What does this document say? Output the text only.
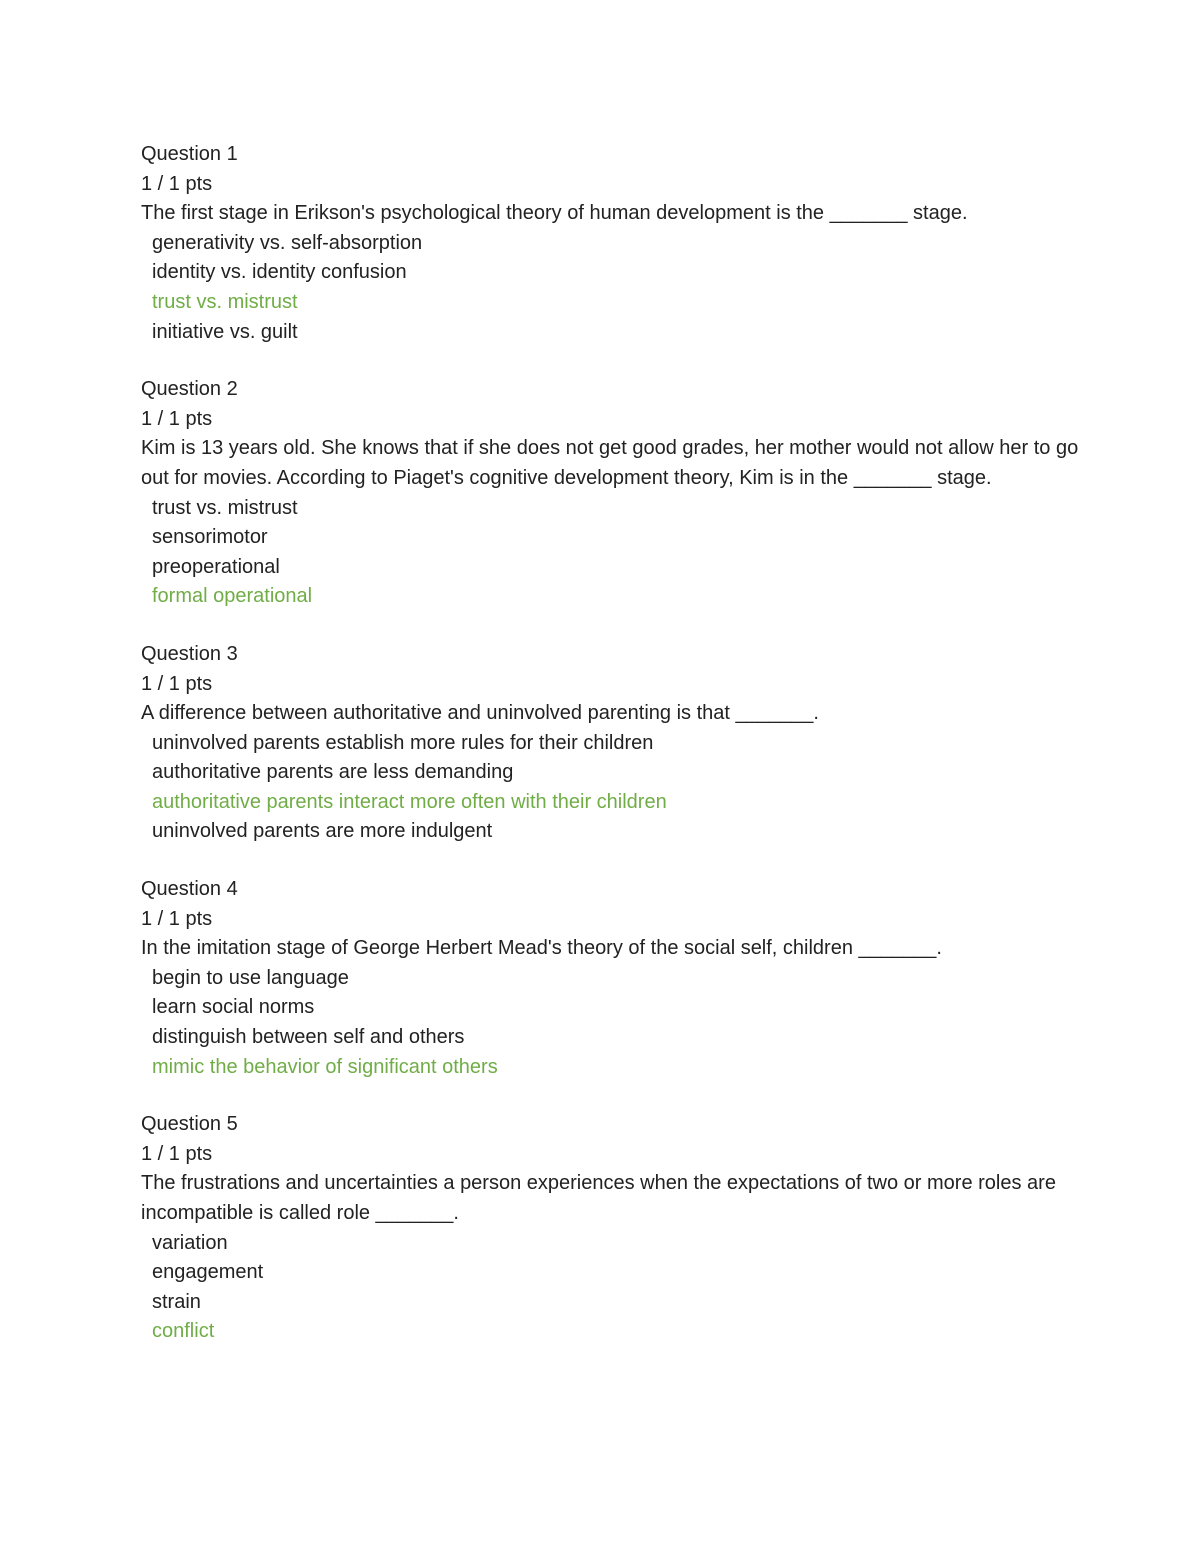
Question 1
1 / 1 pts
The first stage in Erikson's psychological theory of human development is the _______ stage.
generativity vs. self-absorption
identity vs. identity confusion
trust vs. mistrust
initiative vs. guilt
Question 2
1 / 1 pts
Kim is 13 years old. She knows that if she does not get good grades, her mother would not allow her to go out for movies. According to Piaget's cognitive development theory, Kim is in the _______ stage.
trust vs. mistrust
sensorimotor
preoperational
formal operational
Question 3
1 / 1 pts
A difference between authoritative and uninvolved parenting is that _______.
uninvolved parents establish more rules for their children
authoritative parents are less demanding
authoritative parents interact more often with their children
uninvolved parents are more indulgent
Question 4
1 / 1 pts
In the imitation stage of George Herbert Mead's theory of the social self, children _______.
begin to use language
learn social norms
distinguish between self and others
mimic the behavior of significant others
Question 5
1 / 1 pts
The frustrations and uncertainties a person experiences when the expectations of two or more roles are incompatible is called role _______.
variation
engagement
strain
conflict
